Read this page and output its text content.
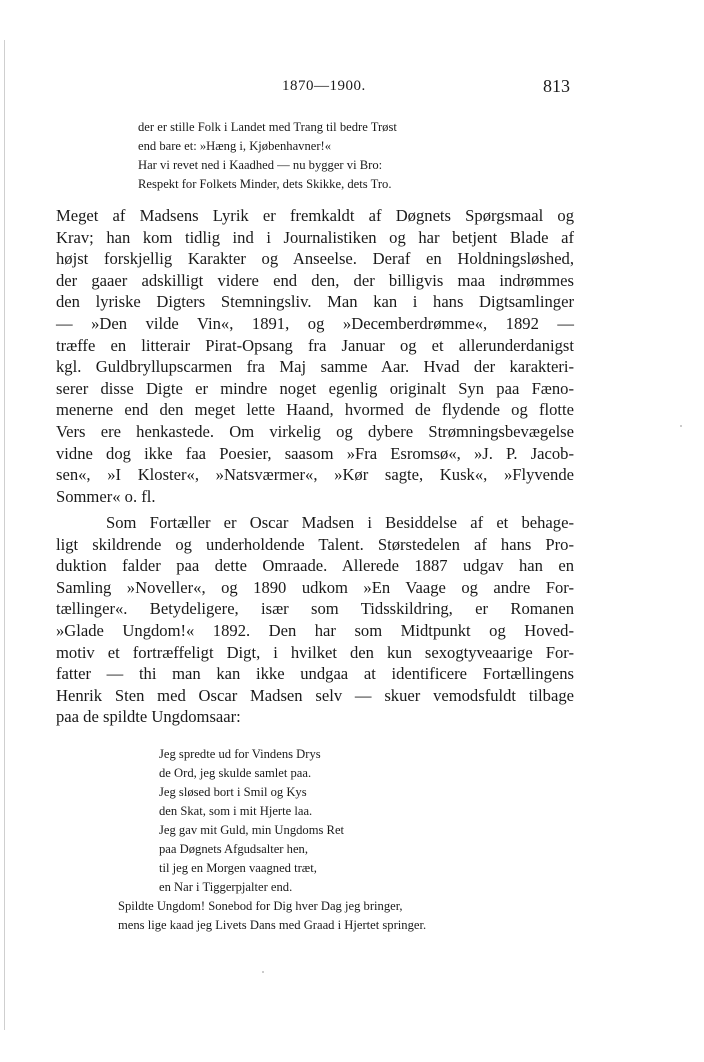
1870—1900.	813
der er stille Folk i Landet med Trang til bedre Trøst
end bare et: »Hæng i, Kjøbenhavner!«
Har vi revet ned i Kaadhed — nu bygger vi Bro:
Respekt for Folkets Minder, dets Skikke, dets Tro.
Meget af Madsens Lyrik er fremkaldt af Døgnets Spørgsmaal og
Krav; han kom tidlig ind i Journalistiken og har betjent Blade af
højst forskjellig Karakter og Anseelse. Deraf en Holdningsløshed,
der gaaer adskilligt videre end den, der billigvis maa indrømmes
den lyriske Digters Stemningsliv. Man kan i hans Digtsamlinger
— »Den vilde Vin«, 1891, og »Decemberdrømme«, 1892 —
træffe en litterair Pirat-Opsang fra Januar og et allerunderdanigst
kgl. Guldbryllupscarmen fra Maj samme Aar. Hvad der karakteri-
serer disse Digte er mindre noget egenlig originalt Syn paa Fæno-
menerne end den meget lette Haand, hvormed de flydende og flotte
Vers ere henkastede. Om virkelig og dybere Strømningsbevægelse
vidne dog ikke faa Poesier, saasom »Fra Esromsø«, »J. P. Jacob-
sen«, »I Kloster«, »Natsværmer«, »Kør sagte, Kusk«, »Flyvende
Sommer« o. fl.
Som Fortæller er Oscar Madsen i Besiddelse af et behage-
ligt skildrende og underholdende Talent. Størstedelen af hans Pro-
duktion falder paa dette Omraade. Allerede 1887 udgav han en
Samling »Noveller«, og 1890 udkom »En Vaage og andre For-
tællinger«. Betydeligere, især som Tidsskildring, er Romanen
»Glade Ungdom!« 1892. Den har som Midtpunkt og Hoved-
motiv et fortræffeligt Digt, i hvilket den kun sexogtyveaarige For-
fatter — thi man kan ikke undgaa at identificere Fortællingens
Henrik Sten med Oscar Madsen selv — skuer vemodsfuldt tilbage
paa de spildte Ungdomsaar:
Jeg spredte ud for Vindens Drys
de Ord, jeg skulde samlet paa.
Jeg sløsed bort i Smil og Kys
den Skat, som i mit Hjerte laa.
Jeg gav mit Guld, min Ungdoms Ret
paa Døgnets Afgudsalter hen,
til jeg en Morgen vaagned træt,
en Nar i Tiggerpjalter end.
Spildte Ungdom! Sonebod for Dig hver Dag jeg bringer,
mens lige kaad jeg Livets Dans med Graad i Hjertet springer.
